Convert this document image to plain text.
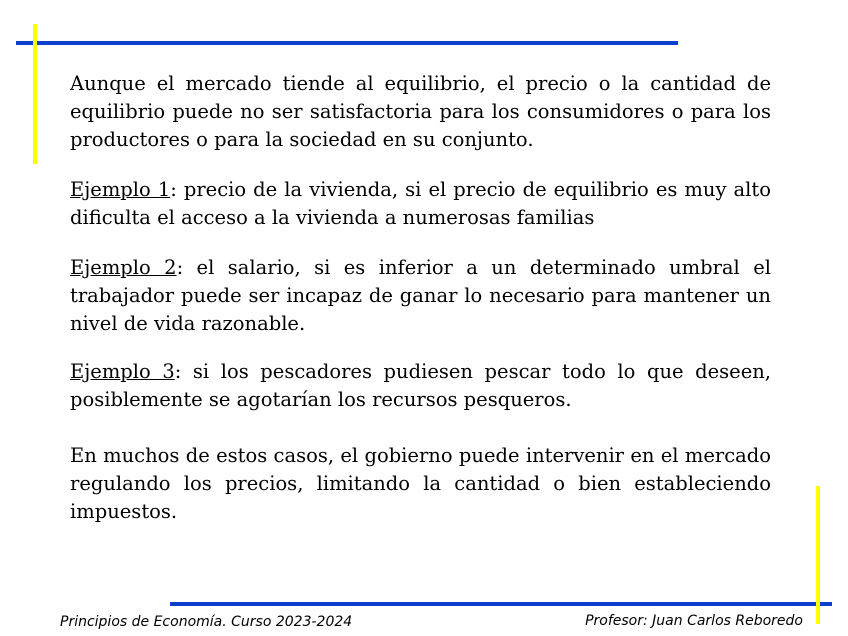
Aunque el mercado tiende al equilibrio, el precio o la cantidad de equilibrio puede no ser satisfactoria para los consumidores o para los productores o para la sociedad en su conjunto.

Ejemplo 1: precio de la vivienda, si el precio de equilibrio es muy alto dificulta el acceso a la vivienda a numerosas familias

Ejemplo 2: el salario, si es inferior a un determinado umbral el trabajador puede ser incapaz de ganar lo necesario para mantener un nivel de vida razonable.

Ejemplo 3: si los pescadores pudiesen pescar todo lo que deseen, posiblemente se agotarían los recursos pesqueros.

En muchos de estos casos, el gobierno puede intervenir en el mercado regulando los precios, limitando la cantidad o bien estableciendo impuestos.

Principios de Economía. Curso 2023-2024	Profesor: Juan Carlos Reboredo
